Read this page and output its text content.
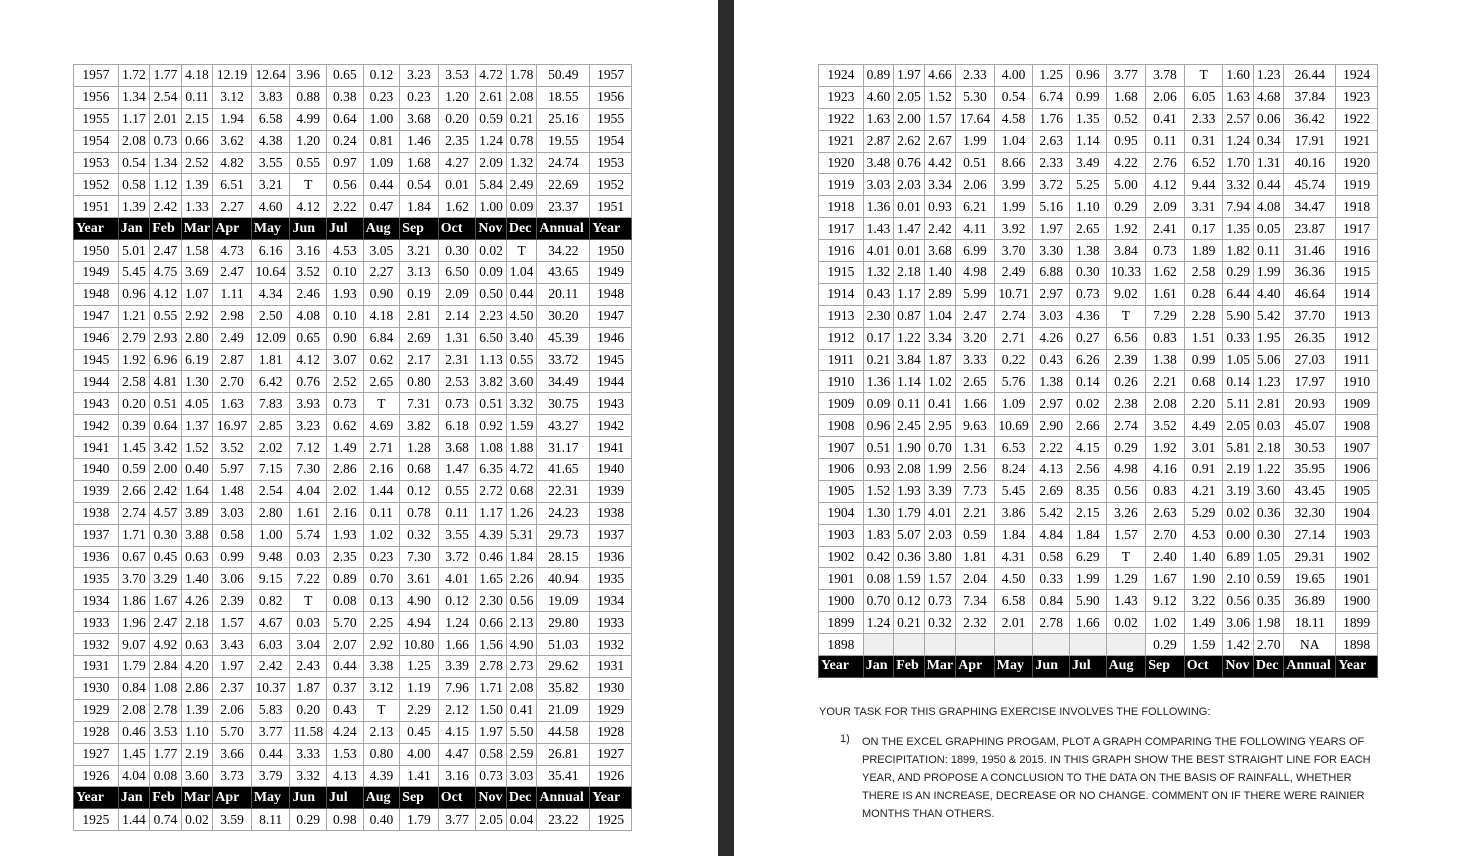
1957	1.72	1.77	4.18	12.19	12.64	3.96	0.65	0.12	3.23	3.53	4.72	1.78	50.49	1957
1956	1.34	2.54	0.11	3.12	3.83	0.88	0.38	0.23	0.23	1.20	2.61	2.08	18.55	1956
1955	1.17	2.01	2.15	1.94	6.58	4.99	0.64	1.00	3.68	0.20	0.59	0.21	25.16	1955
1954	2.08	0.73	0.66	3.62	4.38	1.20	0.24	0.81	1.46	2.35	1.24	0.78	19.55	1954
1953	0.54	1.34	2.52	4.82	3.55	0.55	0.97	1.09	1.68	4.27	2.09	1.32	24.74	1953
1952	0.58	1.12	1.39	6.51	3.21	T	0.56	0.44	0.54	0.01	5.84	2.49	22.69	1952
1951	1.39	2.42	1.33	2.27	4.60	4.12	2.22	0.47	1.84	1.62	1.00	0.09	23.37	1951
Year	Jan	Feb	Mar	Apr	May	Jun	Jul	Aug	Sep	Oct	Nov	Dec	Annual	Year
1950	5.01	2.47	1.58	4.73	6.16	3.16	4.53	3.05	3.21	0.30	0.02	T	34.22	1950
1949	5.45	4.75	3.69	2.47	10.64	3.52	0.10	2.27	3.13	6.50	0.09	1.04	43.65	1949
1948	0.96	4.12	1.07	1.11	4.34	2.46	1.93	0.90	0.19	2.09	0.50	0.44	20.11	1948
1947	1.21	0.55	2.92	2.98	2.50	4.08	0.10	4.18	2.81	2.14	2.23	4.50	30.20	1947
1946	2.79	2.93	2.80	2.49	12.09	0.65	0.90	6.84	2.69	1.31	6.50	3.40	45.39	1946
1945	1.92	6.96	6.19	2.87	1.81	4.12	3.07	0.62	2.17	2.31	1.13	0.55	33.72	1945
1944	2.58	4.81	1.30	2.70	6.42	0.76	2.52	2.65	0.80	2.53	3.82	3.60	34.49	1944
1943	0.20	0.51	4.05	1.63	7.83	3.93	0.73	T	7.31	0.73	0.51	3.32	30.75	1943
1942	0.39	0.64	1.37	16.97	2.85	3.23	0.62	4.69	3.82	6.18	0.92	1.59	43.27	1942
1941	1.45	3.42	1.52	3.52	2.02	7.12	1.49	2.71	1.28	3.68	1.08	1.88	31.17	1941
1940	0.59	2.00	0.40	5.97	7.15	7.30	2.86	2.16	0.68	1.47	6.35	4.72	41.65	1940
1939	2.66	2.42	1.64	1.48	2.54	4.04	2.02	1.44	0.12	0.55	2.72	0.68	22.31	1939
1938	2.74	4.57	3.89	3.03	2.80	1.61	2.16	0.11	0.78	0.11	1.17	1.26	24.23	1938
1937	1.71	0.30	3.88	0.58	1.00	5.74	1.93	1.02	0.32	3.55	4.39	5.31	29.73	1937
1936	0.67	0.45	0.63	0.99	9.48	0.03	2.35	0.23	7.30	3.72	0.46	1.84	28.15	1936
1935	3.70	3.29	1.40	3.06	9.15	7.22	0.89	0.70	3.61	4.01	1.65	2.26	40.94	1935
1934	1.86	1.67	4.26	2.39	0.82	T	0.08	0.13	4.90	0.12	2.30	0.56	19.09	1934
1933	1.96	2.47	2.18	1.57	4.67	0.03	5.70	2.25	4.94	1.24	0.66	2.13	29.80	1933
1932	9.07	4.92	0.63	3.43	6.03	3.04	2.07	2.92	10.80	1.66	1.56	4.90	51.03	1932
1931	1.79	2.84	4.20	1.97	2.42	2.43	0.44	3.38	1.25	3.39	2.78	2.73	29.62	1931
1930	0.84	1.08	2.86	2.37	10.37	1.87	0.37	3.12	1.19	7.96	1.71	2.08	35.82	1930
1929	2.08	2.78	1.39	2.06	5.83	0.20	0.43	T	2.29	2.12	1.50	0.41	21.09	1929
1928	0.46	3.53	1.10	5.70	3.77	11.58	4.24	2.13	0.45	4.15	1.97	5.50	44.58	1928
1927	1.45	1.77	2.19	3.66	0.44	3.33	1.53	0.80	4.00	4.47	0.58	2.59	26.81	1927
1926	4.04	0.08	3.60	3.73	3.79	3.32	4.13	4.39	1.41	3.16	0.73	3.03	35.41	1926
Year	Jan	Feb	Mar	Apr	May	Jun	Jul	Aug	Sep	Oct	Nov	Dec	Annual	Year
1925	1.44	0.74	0.02	3.59	8.11	0.29	0.98	0.40	1.79	3.77	2.05	0.04	23.22	1925
1924	0.89	1.97	4.66	2.33	4.00	1.25	0.96	3.77	3.78	T	1.60	1.23	26.44	1924
1923	4.60	2.05	1.52	5.30	0.54	6.74	0.99	1.68	2.06	6.05	1.63	4.68	37.84	1923
1922	1.63	2.00	1.57	17.64	4.58	1.76	1.35	0.52	0.41	2.33	2.57	0.06	36.42	1922
1921	2.87	2.62	2.67	1.99	1.04	2.63	1.14	0.95	0.11	0.31	1.24	0.34	17.91	1921
1920	3.48	0.76	4.42	0.51	8.66	2.33	3.49	4.22	2.76	6.52	1.70	1.31	40.16	1920
1919	3.03	2.03	3.34	2.06	3.99	3.72	5.25	5.00	4.12	9.44	3.32	0.44	45.74	1919
1918	1.36	0.01	0.93	6.21	1.99	5.16	1.10	0.29	2.09	3.31	7.94	4.08	34.47	1918
1917	1.43	1.47	2.42	4.11	3.92	1.97	2.65	1.92	2.41	0.17	1.35	0.05	23.87	1917
1916	4.01	0.01	3.68	6.99	3.70	3.30	1.38	3.84	0.73	1.89	1.82	0.11	31.46	1916
1915	1.32	2.18	1.40	4.98	2.49	6.88	0.30	10.33	1.62	2.58	0.29	1.99	36.36	1915
1914	0.43	1.17	2.89	5.99	10.71	2.97	0.73	9.02	1.61	0.28	6.44	4.40	46.64	1914
1913	2.30	0.87	1.04	2.47	2.74	3.03	4.36	T	7.29	2.28	5.90	5.42	37.70	1913
1912	0.17	1.22	3.34	3.20	2.71	4.26	0.27	6.56	0.83	1.51	0.33	1.95	26.35	1912
1911	0.21	3.84	1.87	3.33	0.22	0.43	6.26	2.39	1.38	0.99	1.05	5.06	27.03	1911
1910	1.36	1.14	1.02	2.65	5.76	1.38	0.14	0.26	2.21	0.68	0.14	1.23	17.97	1910
1909	0.09	0.11	0.41	1.66	1.09	2.97	0.02	2.38	2.08	2.20	5.11	2.81	20.93	1909
1908	0.96	2.45	2.95	9.63	10.69	2.90	2.66	2.74	3.52	4.49	2.05	0.03	45.07	1908
1907	0.51	1.90	0.70	1.31	6.53	2.22	4.15	0.29	1.92	3.01	5.81	2.18	30.53	1907
1906	0.93	2.08	1.99	2.56	8.24	4.13	2.56	4.98	4.16	0.91	2.19	1.22	35.95	1906
1905	1.52	1.93	3.39	7.73	5.45	2.69	8.35	0.56	0.83	4.21	3.19	3.60	43.45	1905
1904	1.30	1.79	4.01	2.21	3.86	5.42	2.15	3.26	2.63	5.29	0.02	0.36	32.30	1904
1903	1.83	5.07	2.03	0.59	1.84	4.84	1.84	1.57	2.70	4.53	0.00	0.30	27.14	1903
1902	0.42	0.36	3.80	1.81	4.31	0.58	6.29	T	2.40	1.40	6.89	1.05	29.31	1902
1901	0.08	1.59	1.57	2.04	4.50	0.33	1.99	1.29	1.67	1.90	2.10	0.59	19.65	1901
1900	0.70	0.12	0.73	7.34	6.58	0.84	5.90	1.43	9.12	3.22	0.56	0.35	36.89	1900
1899	1.24	0.21	0.32	2.32	2.01	2.78	1.66	0.02	1.02	1.49	3.06	1.98	18.11	1899
1898									0.29	1.59	1.42	2.70	NA	1898
Year	Jan	Feb	Mar	Apr	May	Jun	Jul	Aug	Sep	Oct	Nov	Dec	Annual	Year
YOUR TASK FOR THIS GRAPHING EXERCISE INVOLVES THE FOLLOWING:
1) ON THE EXCEL GRAPHING PROGAM, PLOT A GRAPH COMPARING THE FOLLOWING YEARS OF PRECIPITATION: 1899, 1950 & 2015. IN THIS GRAPH SHOW THE BEST STRAIGHT LINE FOR EACH YEAR, AND PROPOSE A CONCLUSION TO THE DATA ON THE BASIS OF RAINFALL, WHETHER THERE IS AN INCREASE, DECREASE OR NO CHANGE. COMMENT ON IF THERE WERE RAINIER MONTHS THAN OTHERS.
